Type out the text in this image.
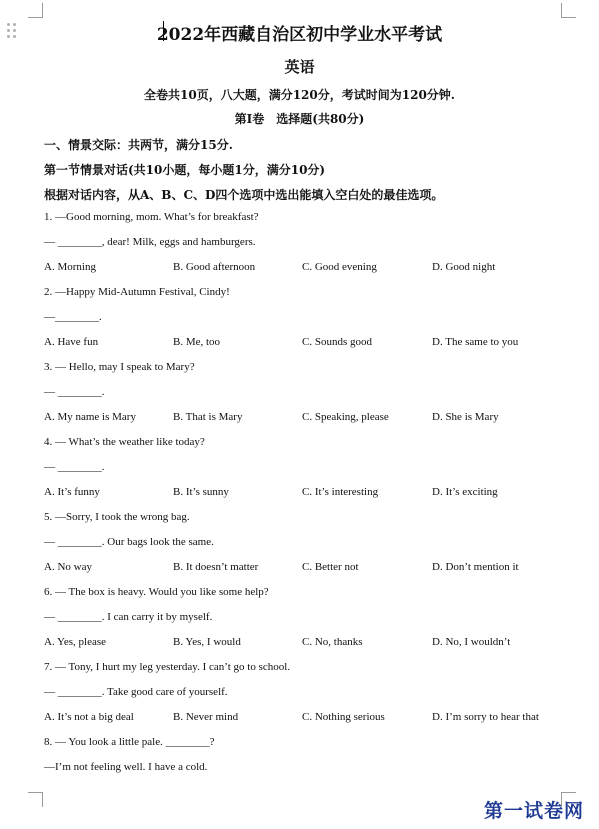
2022年西藏自治区初中学业水平考试
英语
全卷共10页，八大题，满分120分，考试时间为120分钟.
第I卷　选择题(共80分)
一、情景交际：共两节，满分15分.
第一节情景对话(共10小题，每小题1分，满分10分)
根据对话内容，从A、B、C、D四个选项中选出能填入空白处的最佳选项。
1. —Good morning, mom. What’s for breakfast?
— ________, dear! Milk, eggs and hamburgers.
A. Morning	B. Good afternoon	C. Good evening	D. Good night
2. —Happy Mid-Autumn Festival, Cindy!
—________.
A. Have fun	B. Me, too	C. Sounds good	D. The same to you
3. — Hello, may I speak to Mary?
— ________.
A. My name is Mary	B. That is Mary	C. Speaking, please	D. She is Mary
4. — What’s the weather like today?
— ________.
A. It’s funny	B. It’s sunny	C. It’s interesting	D. It’s exciting
5. —Sorry, I took the wrong bag.
— ________. Our bags look the same.
A. No way	B. It doesn’t matter	C. Better not	D. Don’t mention it
6. — The box is heavy. Would you like some help?
— ________. I can carry it by myself.
A. Yes, please	B. Yes, I would	C. No, thanks	D. No, I wouldn’t
7. — Tony, I hurt my leg yesterday. I can’t go to school.
— ________. Take good care of yourself.
A. It’s not a big deal	B. Never mind	C. Nothing serious	D. I’m sorry to hear that
8. — You look a little pale. ________?
—I’m not feeling well. I have a cold.
第一试卷网
